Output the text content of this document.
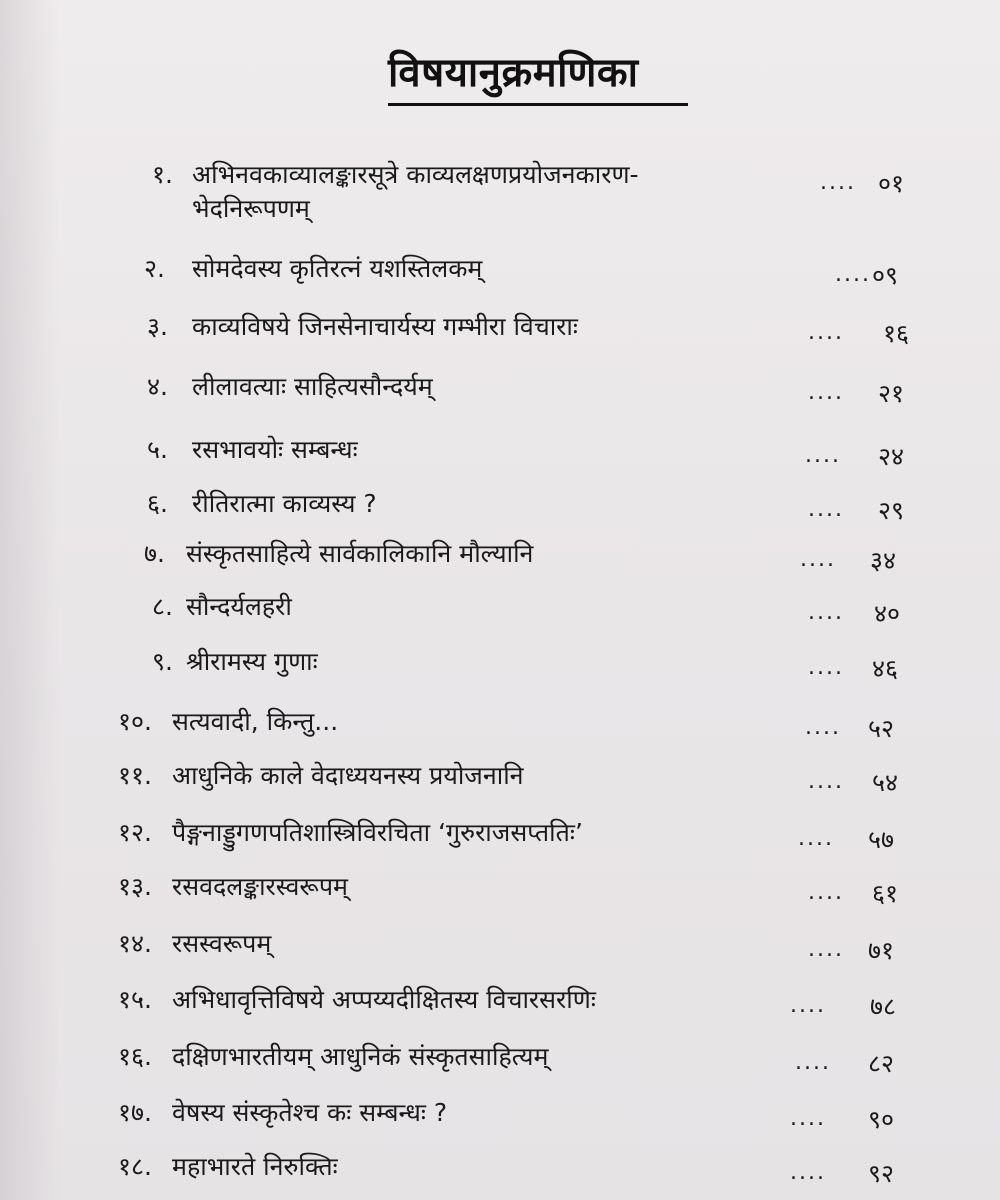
विषयानुक्रमणिका
१. अभिनवकाव्यालङ्कारसूत्रे काव्यलक्षणप्रयोजनकारण-
भेदनिरूपणम्
.... ०१
२. सोमदेवस्य कृतिरत्नं यशस्तिलकम्	.... ०९
३. काव्यविषये जिनसेनाचार्यस्य गम्भीरा विचाराः	.... १६
४. लीलावत्याः साहित्यसौन्दर्यम्	.... २१
५. रसभावयोः सम्बन्धः	.... २४
६. रीतिरात्मा काव्यस्य ?	.... २९
७. संस्कृतसाहित्ये सार्वकालिकानि मौल्यानि	.... ३४
८. सौन्दर्यलहरी	.... ४०
९. श्रीरामस्य गुणाः	.... ४६
१०. सत्यवादी, किन्तु...	.... ५२
११. आधुनिके काले वेदाध्ययनस्य प्रयोजनानि	.... ५४
१२. पैङ्गनाड्डुगणपतिशास्त्रिविरचिता ‘गुरुराजसप्ततिः’	.... ५७
१३. रसवदलङ्कारस्वरूपम्	.... ६१
१४. रसस्वरूपम्	.... ७१
१५. अभिधावृत्तिविषये अप्पय्यदीक्षितस्य विचारसरणिः	.... ७८
१६. दक्षिणभारतीयम् आधुनिकं संस्कृतसाहित्यम्	.... ८२
१७. वेषस्य संस्कृतेश्च कः सम्बन्धः ?	.... ९०
१८. महाभारते निरुक्तिः	.... ९२
